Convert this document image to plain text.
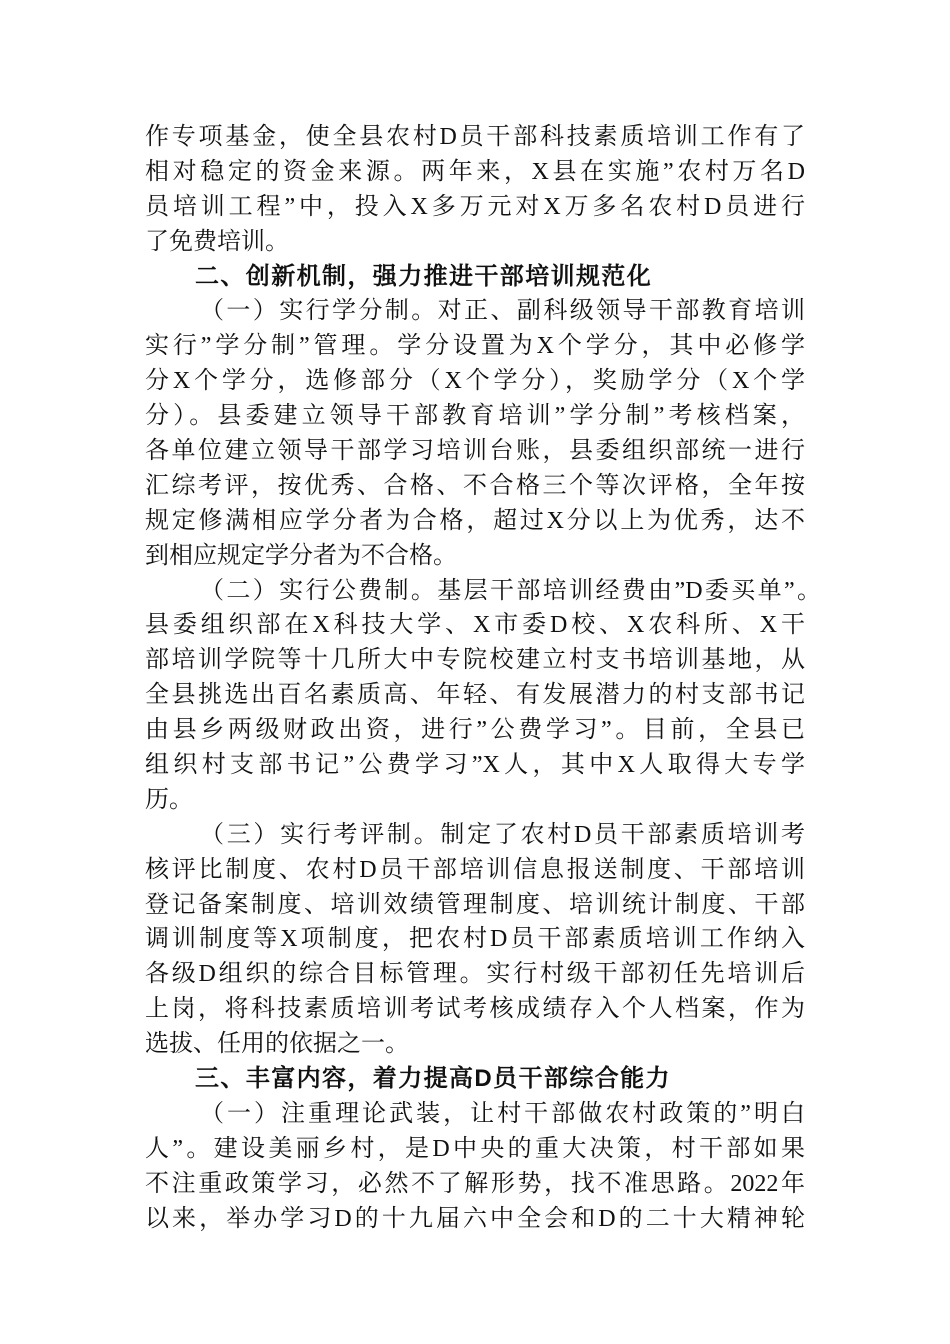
作专项基金，使全县农村D员干部科技素质培训工作有了
相对稳定的资金来源。两年来，X县在实施”农村万名D
员培训工程”中，投入X多万元对X万多名农村D员进行
了免费培训。
二、创新机制，强力推进干部培训规范化
（一）实行学分制。对正、副科级领导干部教育培训
实行”学分制”管理。学分设置为X个学分，其中必修学
分X个学分，选修部分（X个学分），奖励学分（X个学
分）。县委建立领导干部教育培训”学分制”考核档案，
各单位建立领导干部学习培训台账，县委组织部统一进行
汇综考评，按优秀、合格、不合格三个等次评格，全年按
规定修满相应学分者为合格，超过X分以上为优秀，达不
到相应规定学分者为不合格。
（二）实行公费制。基层干部培训经费由”D委买单”。
县委组织部在X科技大学、X市委D校、X农科所、X干
部培训学院等十几所大中专院校建立村支书培训基地，从
全县挑选出百名素质高、年轻、有发展潜力的村支部书记
由县乡两级财政出资，进行”公费学习”。目前，全县已
组织村支部书记”公费学习”X人，其中X人取得大专学
历。
（三）实行考评制。制定了农村D员干部素质培训考
核评比制度、农村D员干部培训信息报送制度、干部培训
登记备案制度、培训效绩管理制度、培训统计制度、干部
调训制度等X项制度，把农村D员干部素质培训工作纳入
各级D组织的综合目标管理。实行村级干部初任先培训后
上岗，将科技素质培训考试考核成绩存入个人档案，作为
选拔、任用的依据之一。
三、丰富内容，着力提高D员干部综合能力
（一）注重理论武装，让村干部做农村政策的”明白
人”。建设美丽乡村，是D中央的重大决策，村干部如果
不注重政策学习，必然不了解形势，找不准思路。2022年
以来，举办学习D的十九届六中全会和D的二十大精神轮
